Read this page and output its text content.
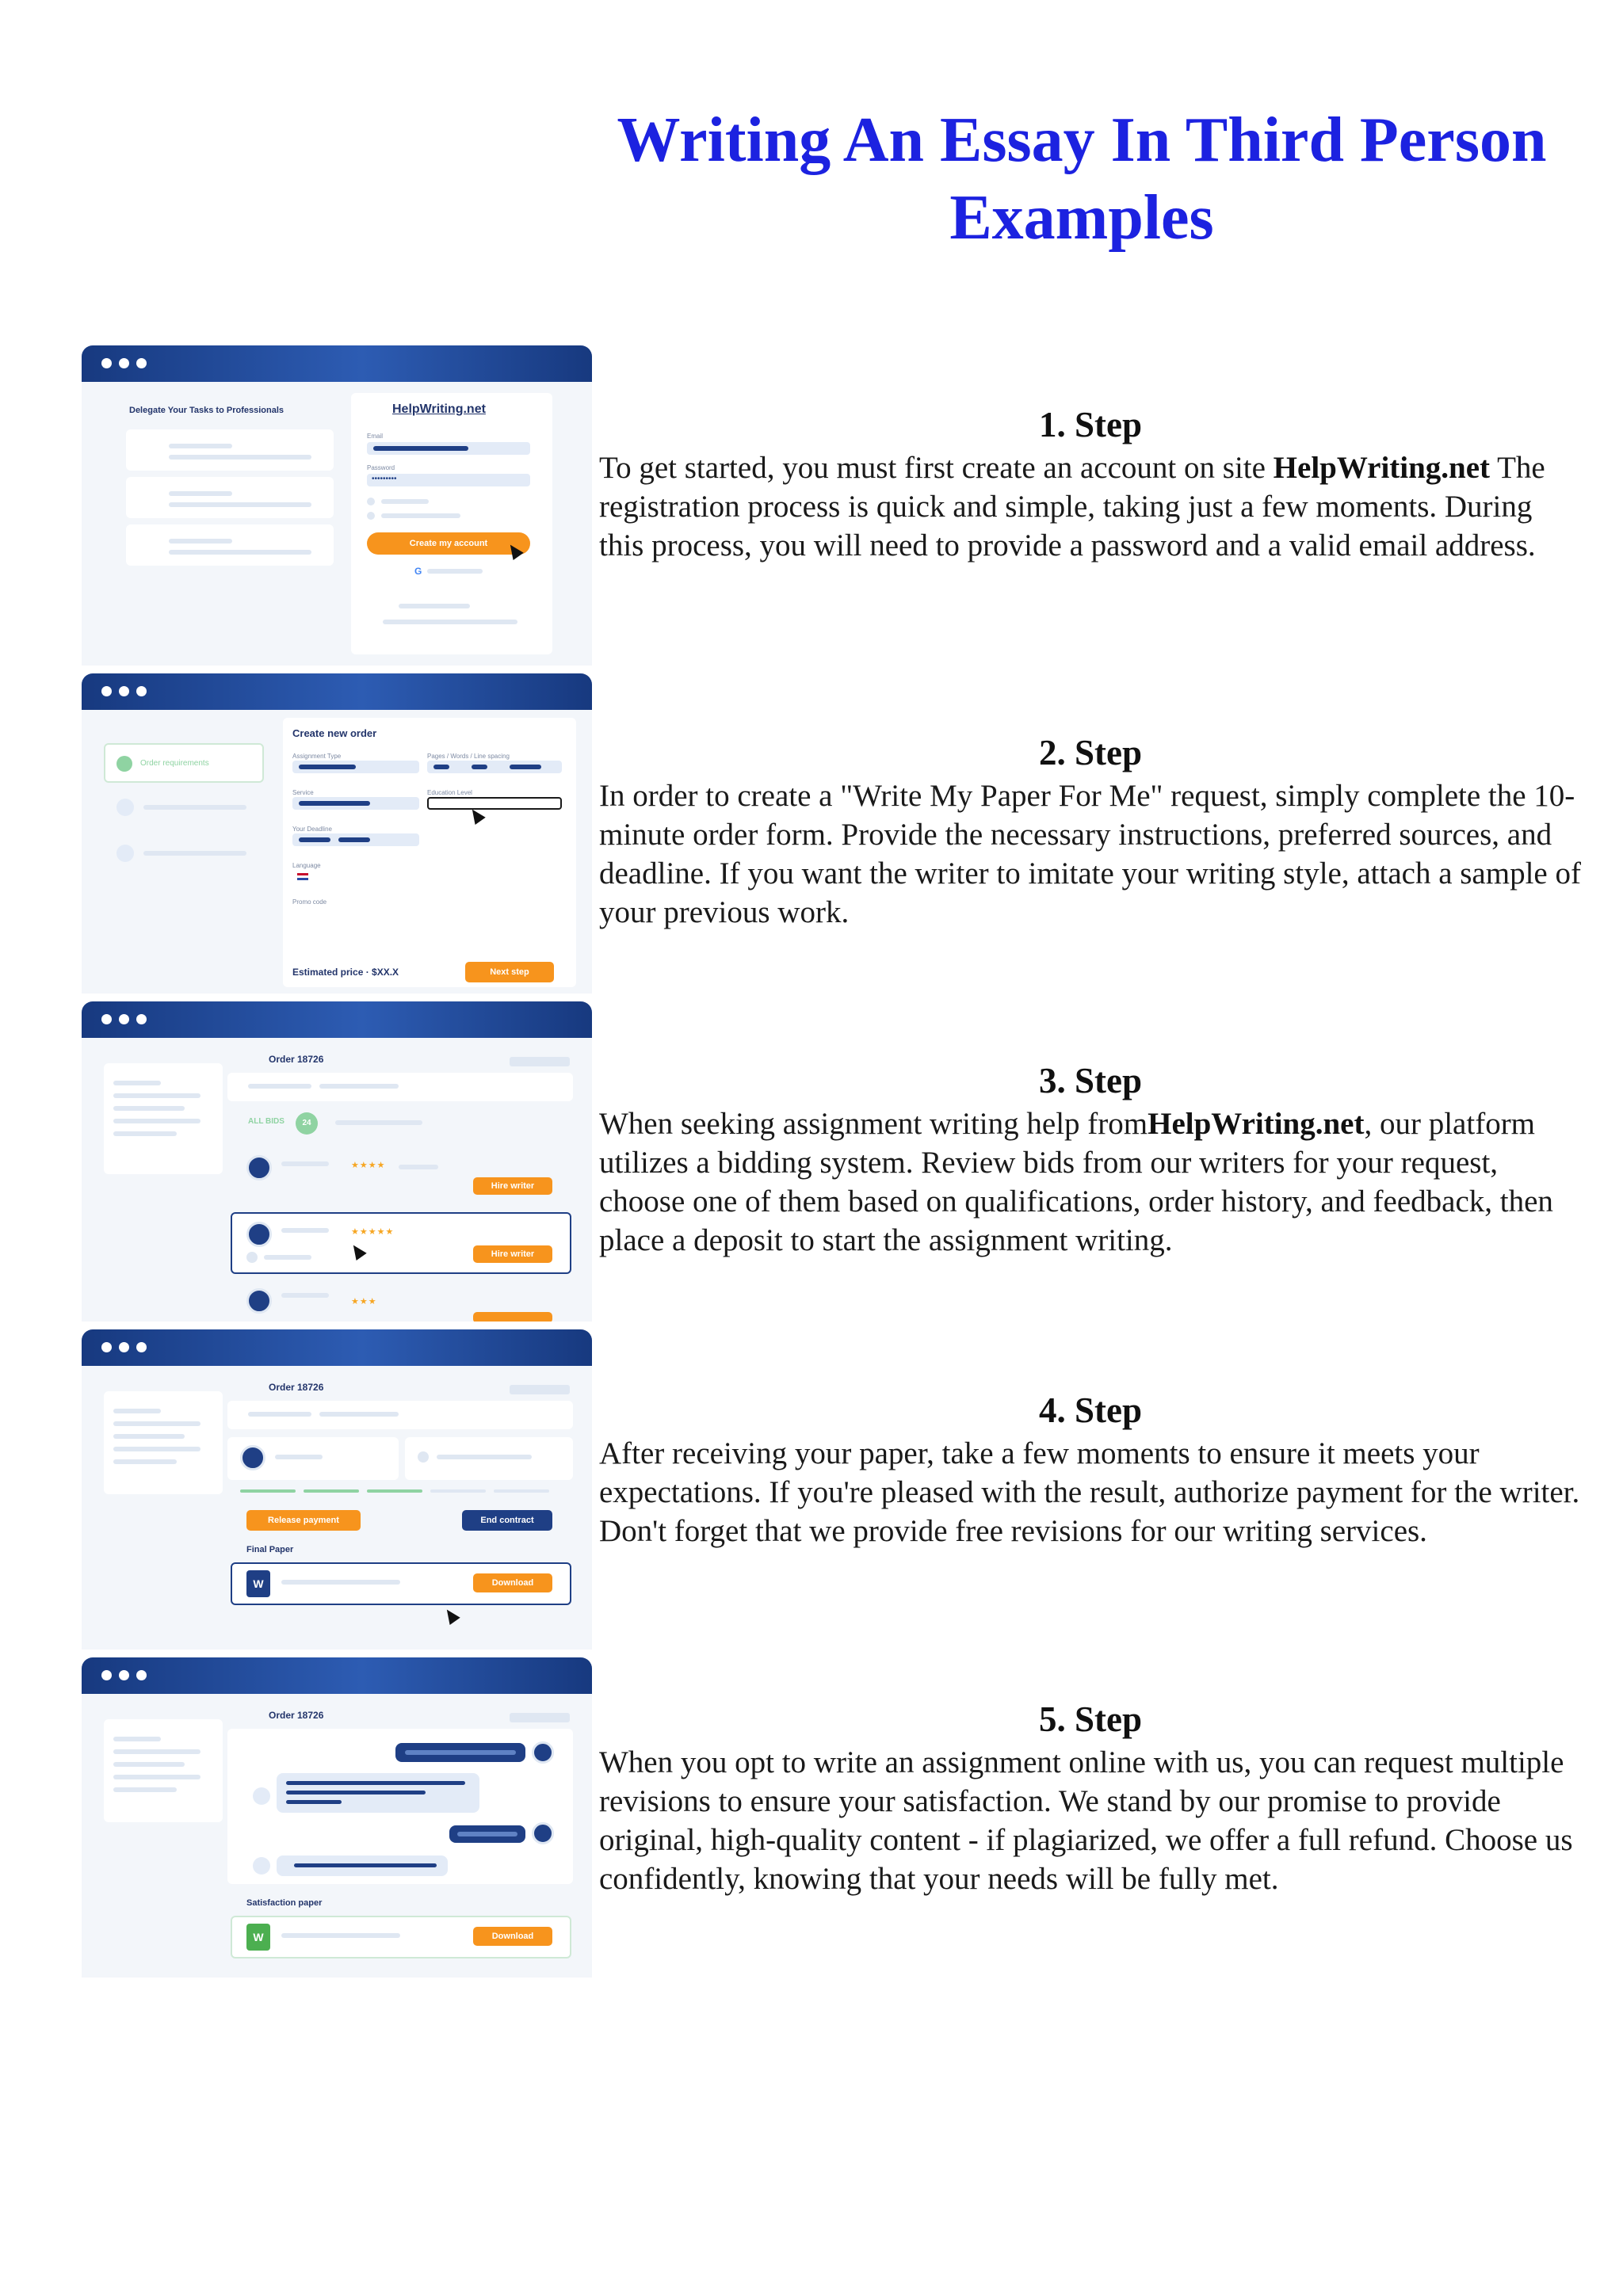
Writing An Essay In Third Person Examples
Delegate Your Tasks to Professionals	HelpWriting.net
Email
Password
•••••••••
Create my account
G
Order requirements
Create new order
Assignment Type	Pages / Words / Line spacing
Service	Education Level
Your Deadline
Language
Promo code
Estimated price · $XX.X	Next step
Order 18726
ALL BIDS	24
★★★★
Hire writer
★★★★★
Hire writer
★★★
Order 18726
Release payment	End contract
Final Paper
W	Download
Order 18726
Satisfaction paper
W	Download
1. Step

To get started, you must first create an account on site HelpWriting.net The registration process is quick and simple, taking just a few moments. During this process, you will need to provide a password and a valid email address.

2. Step

In order to create a "Write My Paper For Me" request, simply complete the 10-minute order form. Provide the necessary instructions, preferred sources, and deadline. If you want the writer to imitate your writing style, attach a sample of your previous work.

3. Step

When seeking assignment writing help fromHelpWriting.net, our platform utilizes a bidding system. Review bids from our writers for your request, choose one of them based on qualifications, order history, and feedback, then place a deposit to start the assignment writing.

4. Step

After receiving your paper, take a few moments to ensure it meets your expectations. If you're pleased with the result, authorize payment for the writer. Don't forget that we provide free revisions for our writing services.

5. Step

When you opt to write an assignment online with us, you can request multiple revisions to ensure your satisfaction. We stand by our promise to provide original, high-quality content - if plagiarized, we offer a full refund. Choose us confidently, knowing that your needs will be fully met.
